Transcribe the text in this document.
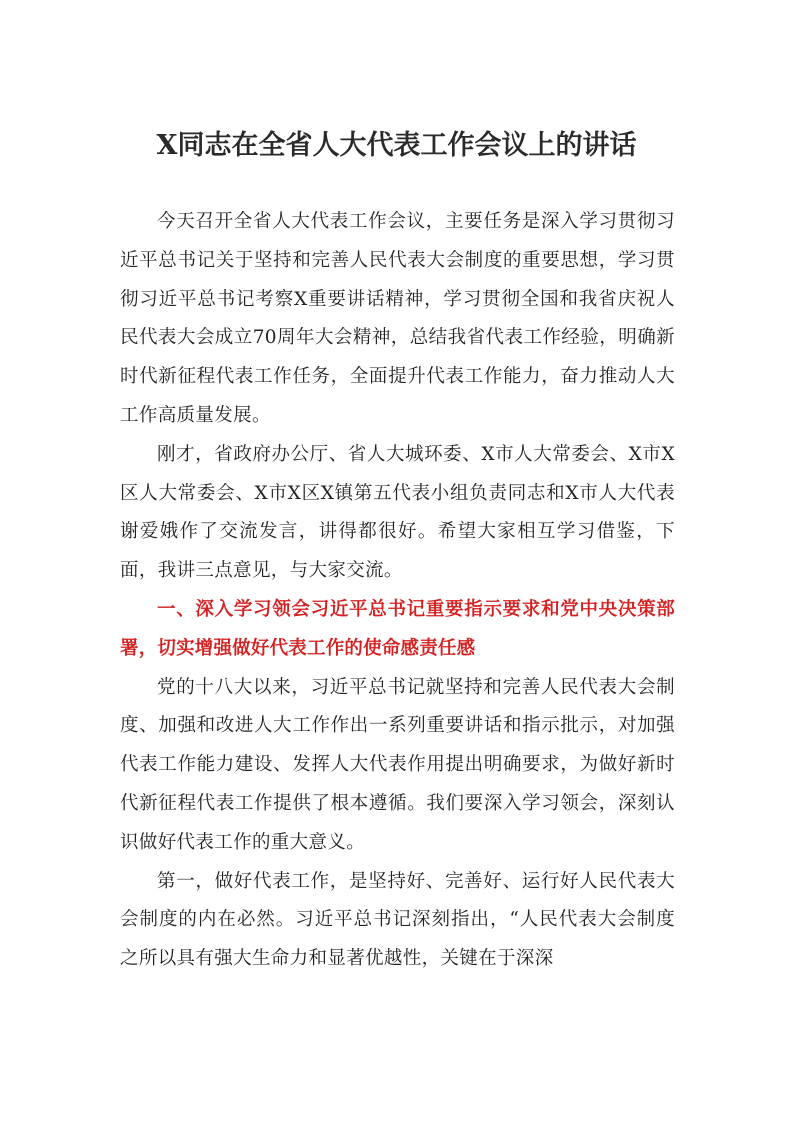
X同志在全省人大代表工作会议上的讲话

今天召开全省人大代表工作会议，主要任务是深入学习贯彻习近平总书记关于坚持和完善人民代表大会制度的重要思想，学习贯彻习近平总书记考察X重要讲话精神，学习贯彻全国和我省庆祝人民代表大会成立70周年大会精神，总结我省代表工作经验，明确新时代新征程代表工作任务，全面提升代表工作能力，奋力推动人大工作高质量发展。

刚才，省政府办公厅、省人大城环委、X市人大常委会、X市X区人大常委会、X市X区X镇第五代表小组负责同志和X市人大代表谢爱娥作了交流发言，讲得都很好。希望大家相互学习借鉴，下面，我讲三点意见，与大家交流。

一、深入学习领会习近平总书记重要指示要求和党中央决策部署，切实增强做好代表工作的使命感责任感

党的十八大以来，习近平总书记就坚持和完善人民代表大会制度、加强和改进人大工作作出一系列重要讲话和指示批示，对加强代表工作能力建设、发挥人大代表作用提出明确要求，为做好新时代新征程代表工作提供了根本遵循。我们要深入学习领会，深刻认识做好代表工作的重大意义。

第一，做好代表工作，是坚持好、完善好、运行好人民代表大会制度的内在必然。习近平总书记深刻指出，“人民代表大会制度之所以具有强大生命力和显著优越性，关键在于深深
